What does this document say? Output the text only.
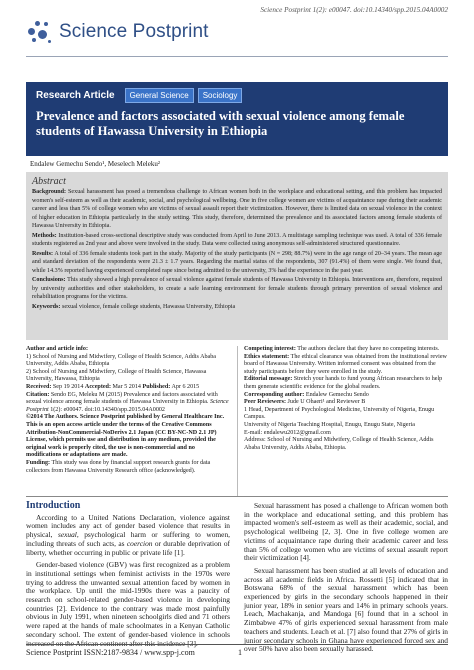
Science Postprint 1(2): e00047. doi:10.14340/spp.2015.04A0002
Science Postprint
Research Article	General Science	Sociology
Prevalence and factors associated with sexual violence among female students of Hawassa University in Ethiopia
Endalew Gemechu Sendo¹, Meselech Meleku²
Abstract

Background: Sexual harassment has posed a tremendous challenge to African women both in the workplace and educational setting, and this problem has impacted women's self-esteem as well as their academic, social, and psychological wellbeing. One in five college women are victims of acquaintance rape during their academic career and less than 5% of college women who are victims of sexual assault report their victimization. However, there is limited data on sexual violence in the context of higher education in Ethiopia particularly in the study setting. This study, therefore, determined the prevalence and its associated factors among female students of Hawassa University in Ethiopia.

Methods: Institution-based cross-sectional descriptive study was conducted from April to June 2013. A multistage sampling technique was used. A total of 336 female students registered as 2nd year and above were involved in the study. Data were collected using anonymous self-administered structured questionnaire.

Results: A total of 336 female students took part in the study. Majority of the study participants (N = 298; 88.7%) were in the age range of 20–34 years. The mean age and standard deviation of the respondents were 21.3 ± 1.7 years. Regarding the marital status of the respondents, 307 (91.4%) of them were single. We found that, while 14.3% reported having experienced completed rape since being admitted to the university, 3% had the experience in the past year.

Conclusions: This study showed a high prevalence of sexual violence against female students of Hawassa University in Ethiopia. Interventions are, therefore, required by university authorities and other stakeholders, to create a safe learning environment for female students through primary prevention of sexual violence and rehabilitation programs for the victims.

Keywords: sexual violence, female college students, Hawassa University, Ethiopia

Author and article info:
1) School of Nursing and Midwifery, College of Health Science, Addis Ababa University, Addis Ababa, Ethiopia
2) School of Nursing and Midwifery, College of Health Science, Hawassa University, Hawassa, Ethiopia
Received: Sep 19 2014 Accepted: Mar 5 2014 Published: Apr 6 2015
Citation: Sendo EG, Meleku M (2015) Prevalence and factors associated with sexual violence among female students of Hawassa University in Ethiopia. Science Postprint 1(2): e00047. doi:10.14340/spp.2015.04A0002
©2014 The Authors. Science Postprint published by General Healthcare Inc. This is an open access article under the terms of the Creative Commons Attribution-NonCommercial-NoDerivs 2.1 Japan (CC BY-NC-ND 2.1 JP) License, which permits use and distribution in any medium, provided the original work is properly cited, the use is non-commercial and no modifications or adaptations are made.
Funding: This study was done by financial support research grants for data collectors from Hawassa University Research office (acknowledged).
Competing interest: The authors declare that they have no competing interests.
Ethics statement: The ethical clearance was obtained from the institutional review board of Hawassa University. Written informed consent was obtained from the study participants before they were enrolled in the study.
Editorial message: Stretch your hands to fund young African researchers to help them generate scientific evidence for the global readers.
Corresponding author: Endalew Gemechu Sendo
Peer Reviewers: Jude U Ohaeri¹ and Reviewer B
1 Head, Department of Psychological Medicine, University of Nigeria, Enugu Campus.
University of Nigeria Teaching Hospital, Enugu, Enugu State, Nigeria
E-mail: endalewu2012@gmail.com
Address: School of Nursing and Midwifery, College of Health Science, Addis Ababa University, Addis Ababa, Ethiopia.
Introduction

According to a United Nations Declaration, violence against women includes any act of gender based violence that results in physical, sexual, psychological harm or suffering to women, including threats of such acts, as coercion or durable deprivation of liberty, whether occurring in public or private life [1].

Gender-based violence (GBV) was first recognized as a problem in institutional settings when feminist activists in the 1970s were trying to address the unwanted sexual attention faced by women in the workplace. Up until the mid-1990s there was a paucity of research on school-related gender-based violence in developing countries [2]. Evidence to the contrary was made most painfully obvious in July 1991, when nineteen schoolgirls died and 71 others were raped at the hands of male schoolmates in a Kenyan Catholic secondary school. The extent of gender-based violence in schools increased on the African continent after this incidence [3].

Sexual harassment has posed a challenge to African women both in the workplace and educational setting, and this problem has impacted women's self-esteem as well as their academic, social, and psychological wellbeing [2, 3]. One in five college women are victims of acquaintance rape during their academic career and less than 5% of college women who are victims of sexual assault report their victimization [4].

Sexual harassment has been studied at all levels of education and across all academic fields in Africa. Rossetti [5] indicated that in Botswana 68% of the sexual harassment which has been experienced by girls in the secondary schools happened in their junior year, 18% in senior years and 14% in primary schools years. Leach, Machakanja, and Mandoga [6] found that in a school in Zimbabwe 47% of girls experienced sexual harassment from male teachers and students. Leach et al. [7] also found that 27% of girls in junior secondary schools in Ghana have experienced forced sex and over 50% have also been sexually harassed.

Science Postprint ISSN:2187-9834 / www.spp-j.com	1
